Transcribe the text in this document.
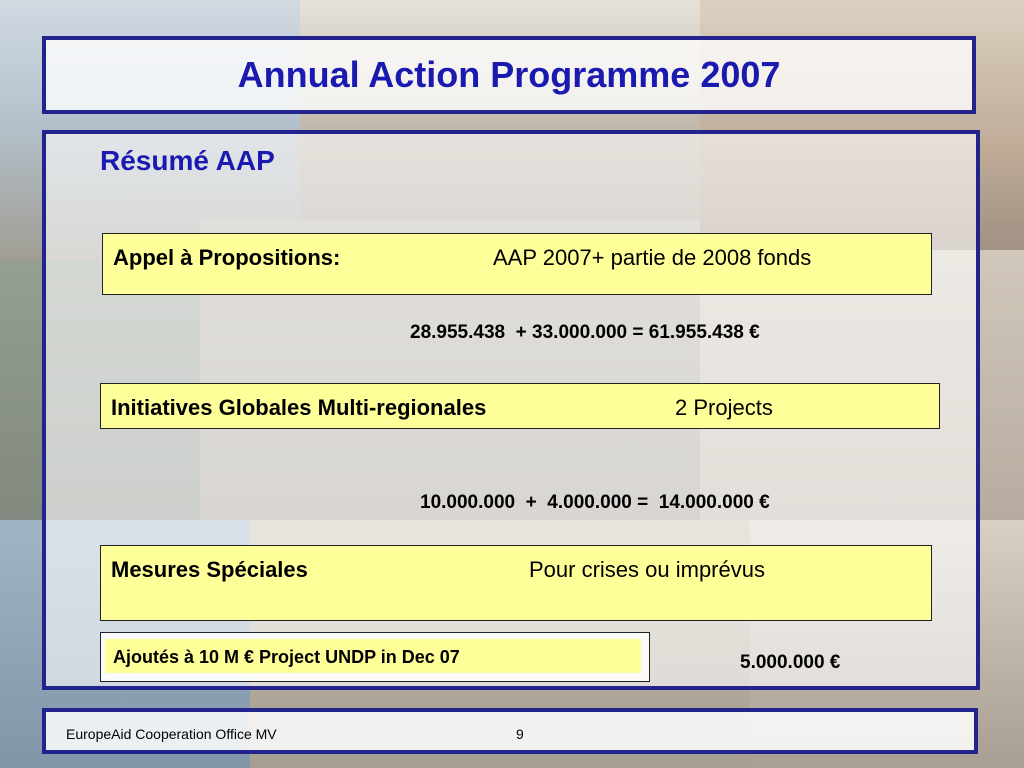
Annual Action Programme 2007
Résumé AAP
Appel à Propositions:	AAP 2007+ partie de 2008 fonds
28.955.438  + 33.000.000 = 61.955.438 €
Initiatives Globales Multi-regionales	2 Projects
10.000.000  +  4.000.000 =  14.000.000 €
Mesures Spéciales	Pour crises ou imprévus
Ajoutés à 10 M € Project UNDP in Dec 07	5.000.000 €
EuropeAid Cooperation Office MV	9
